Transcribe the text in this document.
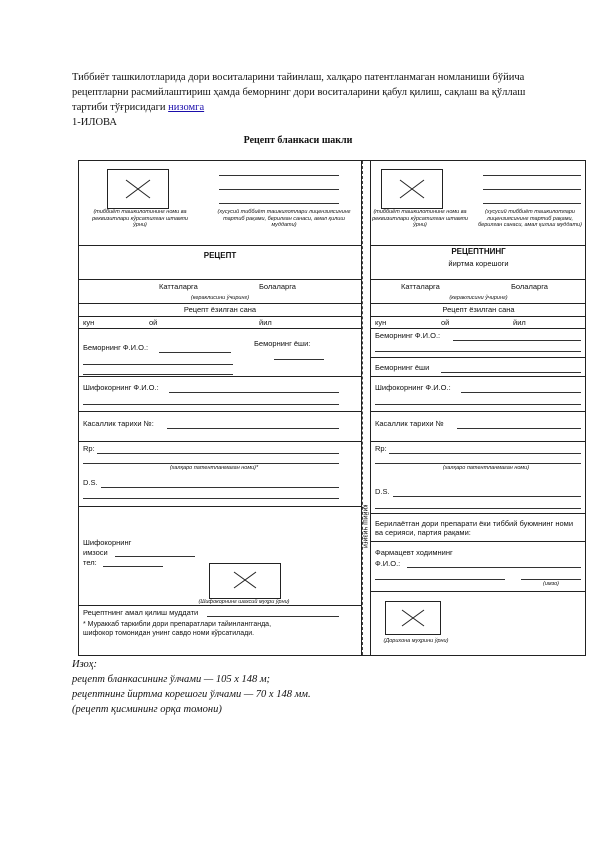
Тиббиёт ташкилотларида дори воситаларини тайинлаш, халқаро патентланмаган номланиши бўйича рецептларни расмийлаштириш ҳамда беморнинг дори воситаларини қабул қилиш, сақлаш ва қўллаш тартиби тўғрисидаги низомга
1-ИЛОВА
Рецепт бланкаси шакли
(тиббиёт ташкилотининг номи ва реквизитлари кўрсатилган штампи ўрни)
(хусусий тиббиёт ташкилотлари лицензиясининг тартиб рақами, берилган санаси, амал қилиш муддати)
РЕЦЕПТ
Катталарга	Болаларга
(кераклисини ўчиринг)
Рецепт ёзилган сана
кун	ой	йил
Беморнинг Ф.И.О.:	Беморнинг ёши:
Шифокорнинг Ф.И.О.:
Касаллик тарихи №:
Rp:
(халқаро патентланмаган номи)*
D.S.
Шифокорнинг
имзоси
тел:
(Шифокорнинг шахсий муҳри ўрни)
Рецептнинг амал қилиш муддати
* Мураккаб таркибли дори препаратлари тайинлангганда, шифокор томонидан унинг савдо номи кўрсатилади.
қийиш чизиғи
(тиббиёт ташкилотининг номи ва реквизитлари кўрсатилган штампи ўрни)
(хусусий тиббиёт ташкилотлари лицензиясининг тартиб рақами, берилган санаси, амал қилиш муддати)
РЕЦЕПТНИНГ
йиртма корешоги
Катталарга	Болаларга
(кераклисини ўчиринг)
Рецепт ёзилган сана
кун	ой	йил
Беморнинг Ф.И.О.:
Беморнинг ёши
Шифокорнинг Ф.И.О.:
Касаллик тарихи №
Rp:
(халқаро патентланмаган номи)
D.S.
Берилаётган дори препарати ёки тиббий буюмнинг номи ва серияси, партия рақами:
Фармацевт ходимнинг
Ф.И.О.:
(имзо)
(Дорихона муҳрини ўрни)
Изоҳ:
рецепт бланкасининг ўлчами — 105 х 148 м;
рецептнинг йиртма корешоги ўлчами — 70 х 148 мм.
(рецепт қисмининг орқа томони)
